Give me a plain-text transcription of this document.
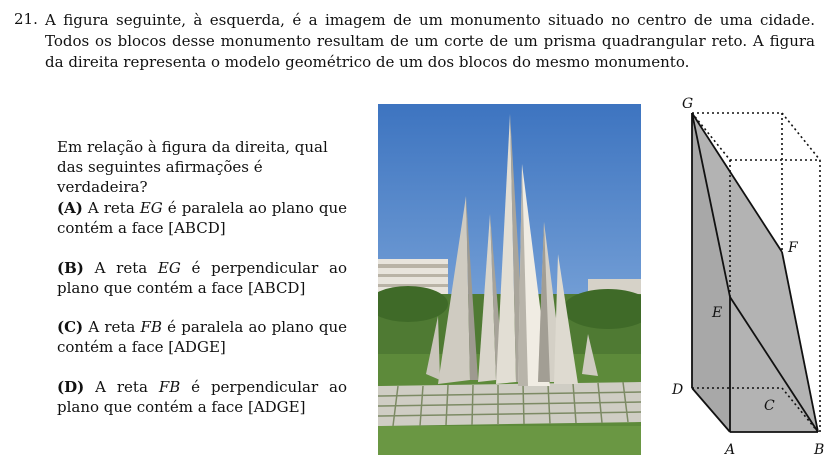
21. A figura seguinte, à esquerda, é a imagem de um monumento situado no centro de uma cidade. Todos os blocos desse monumento resultam de um corte de um prisma quadrangular reto. A figura da direita representa o modelo geométrico de um dos blocos do mesmo monumento.
Em relação à figura da direita, qual das seguintes afirmações é verdadeira?
(A) A reta EG é paralela ao plano que contém a face [ABCD]
(B) A reta EG é perpendicular ao plano que contém a face [ABCD]
(C) A reta FB é paralela ao plano que contém a face [ADGE]
(D) A reta FB é perpendicular ao plano que contém a face [ADGE]
G
F
E
D
C
A	B
